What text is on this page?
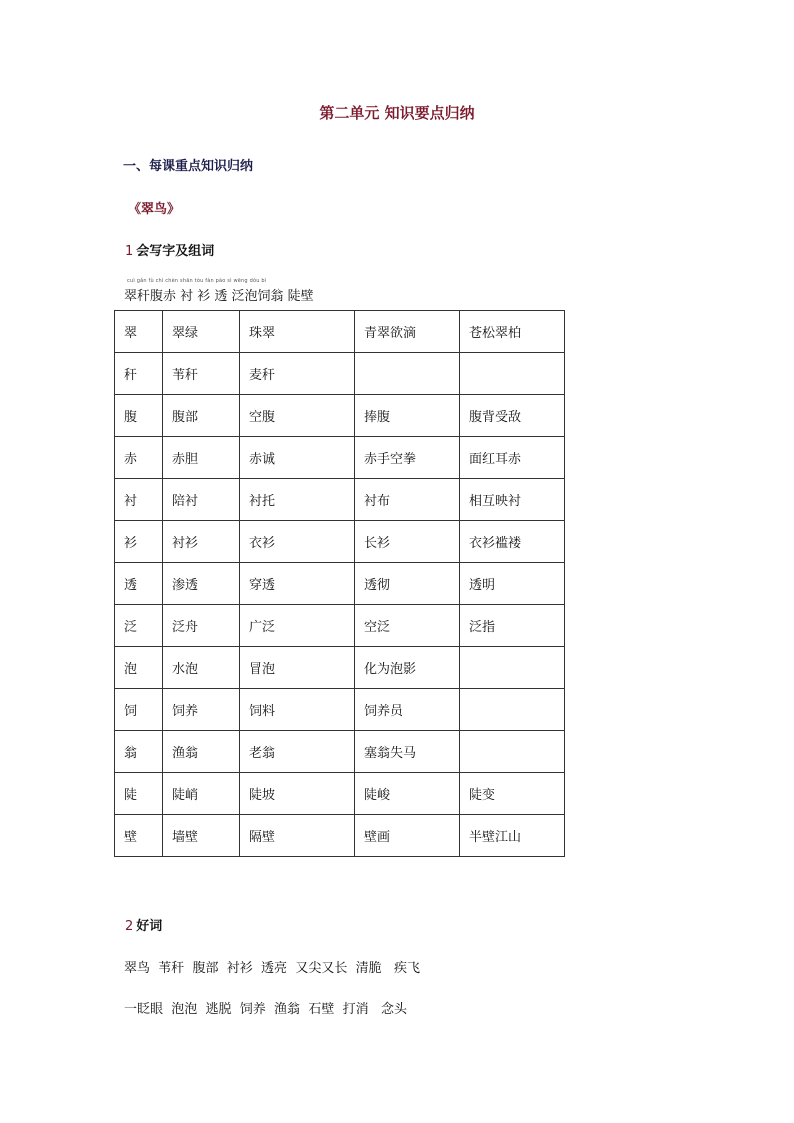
第二单元 知识要点归纳
一、每课重点知识归纳
《翠鸟》
1 会写字及组词
cuì gǎn fù chì chèn shān tòu fàn pào sì wēng dǒu bì
翠秆腹赤 衬 衫 透 泛泡饲翁 陡壁
翠	翠绿	珠翠	青翠欲滴	苍松翠柏
秆	苇秆	麦秆		
腹	腹部	空腹	捧腹	腹背受敌
赤	赤胆	赤诚	赤手空拳	面红耳赤
衬	陪衬	衬托	衬布	相互映衬
衫	衬衫	衣衫	长衫	衣衫褴褛
透	渗透	穿透	透彻	透明
泛	泛舟	广泛	空泛	泛指
泡	水泡	冒泡	化为泡影	
饲	饲养	饲料	饲养员	
翁	渔翁	老翁	塞翁失马	
陡	陡峭	陡坡	陡峻	陡变
壁	墙壁	隔壁	壁画	半壁江山
2 好词
翠鸟  苇秆  腹部  衬衫  透亮  又尖又长  清脆   疾飞
一眨眼  泡泡  逃脱  饲养  渔翁  石壁  打消   念头
